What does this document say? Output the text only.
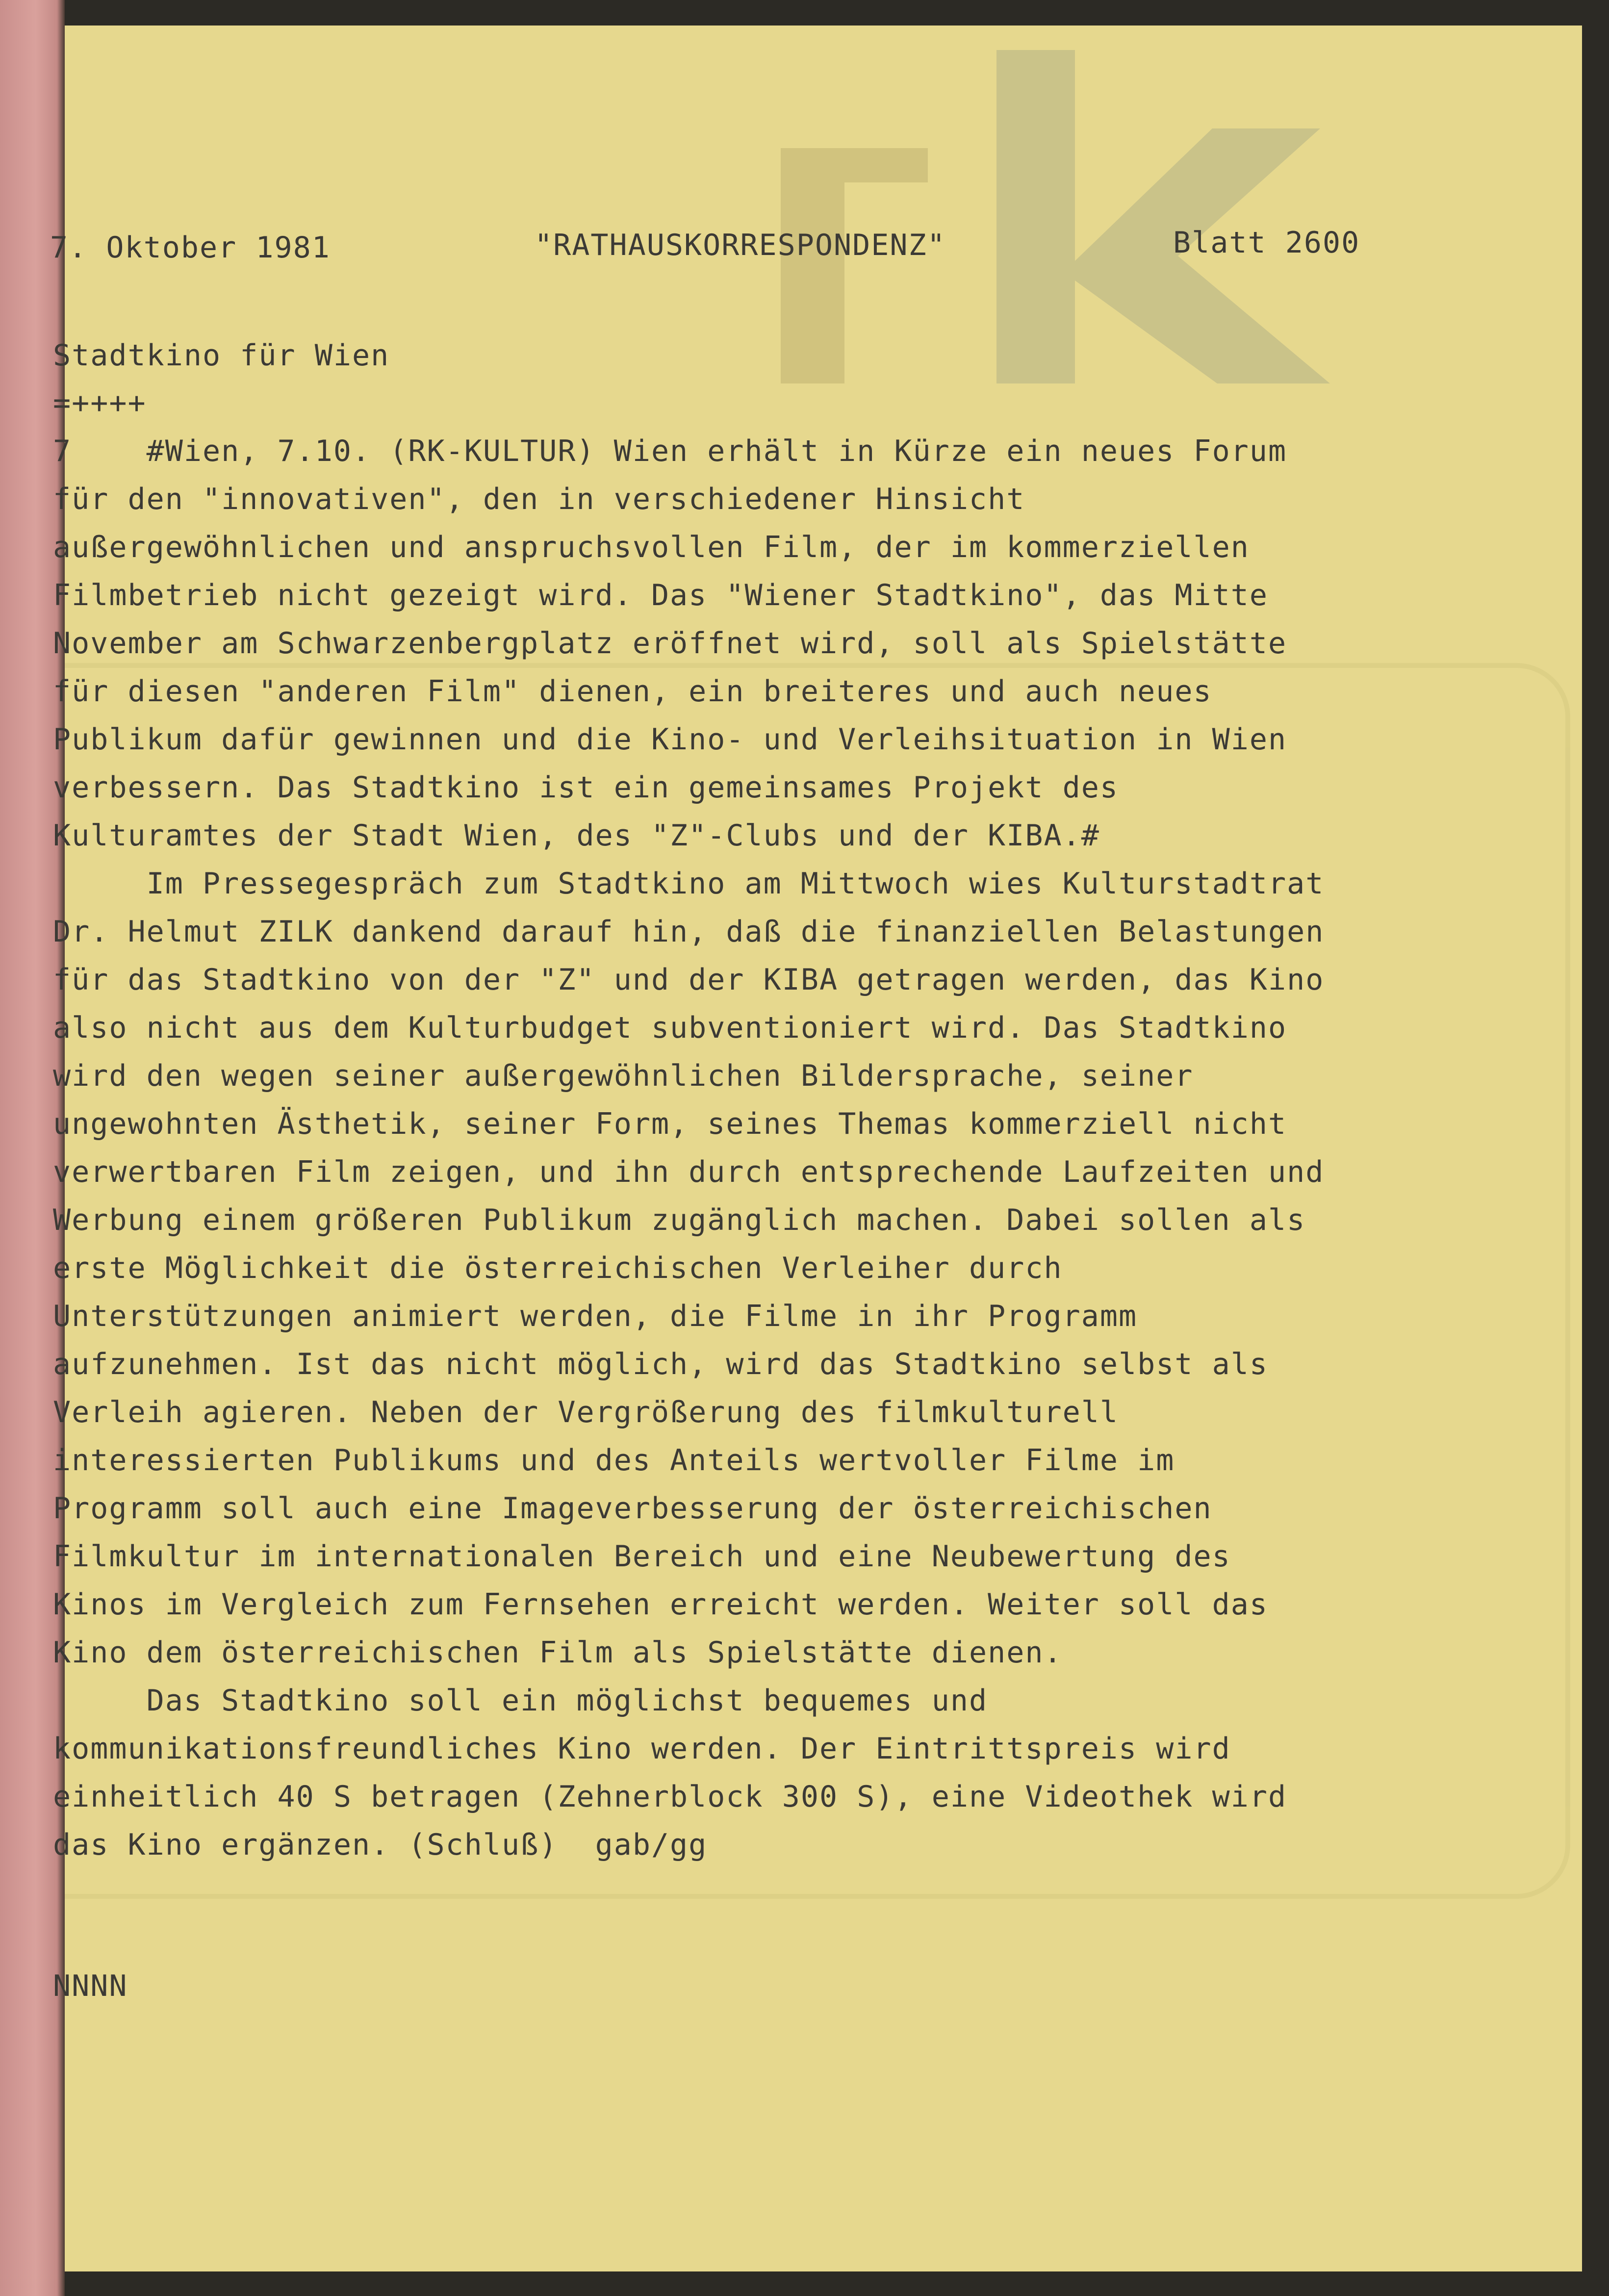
7. Oktober 1981	"RATHAUSKORRESPONDENZ"	Blatt 2600
Stadtkino für Wien
=++++
7    #Wien, 7.10. (RK-KULTUR) Wien erhält in Kürze ein neues Forum
für den "innovativen", den in verschiedener Hinsicht
außergewöhnlichen und anspruchsvollen Film, der im kommerziellen
Filmbetrieb nicht gezeigt wird. Das "Wiener Stadtkino", das Mitte
November am Schwarzenbergplatz eröffnet wird, soll als Spielstätte
für diesen "anderen Film" dienen, ein breiteres und auch neues
Publikum dafür gewinnen und die Kino- und Verleihsituation in Wien
verbessern. Das Stadtkino ist ein gemeinsames Projekt des
Kulturamtes der Stadt Wien, des "Z"-Clubs und der KIBA.#
Im Pressegespräch zum Stadtkino am Mittwoch wies Kulturstadtrat
Dr. Helmut ZILK dankend darauf hin, daß die finanziellen Belastungen
für das Stadtkino von der "Z" und der KIBA getragen werden, das Kino
also nicht aus dem Kulturbudget subventioniert wird. Das Stadtkino
wird den wegen seiner außergewöhnlichen Bildersprache, seiner
ungewohnten Ästhetik, seiner Form, seines Themas kommerziell nicht
verwertbaren Film zeigen, und ihn durch entsprechende Laufzeiten und
Werbung einem größeren Publikum zugänglich machen. Dabei sollen als
erste Möglichkeit die österreichischen Verleiher durch
Unterstützungen animiert werden, die Filme in ihr Programm
aufzunehmen. Ist das nicht möglich, wird das Stadtkino selbst als
Verleih agieren. Neben der Vergrößerung des filmkulturell
interessierten Publikums und des Anteils wertvoller Filme im
Programm soll auch eine Imageverbesserung der österreichischen
Filmkultur im internationalen Bereich und eine Neubewertung des
Kinos im Vergleich zum Fernsehen erreicht werden. Weiter soll das
Kino dem österreichischen Film als Spielstätte dienen.
Das Stadtkino soll ein möglichst bequemes und
kommunikationsfreundliches Kino werden. Der Eintrittspreis wird
einheitlich 40 S betragen (Zehnerblock 300 S), eine Videothek wird
das Kino ergänzen. (Schluß)  gab/gg
NNNN
